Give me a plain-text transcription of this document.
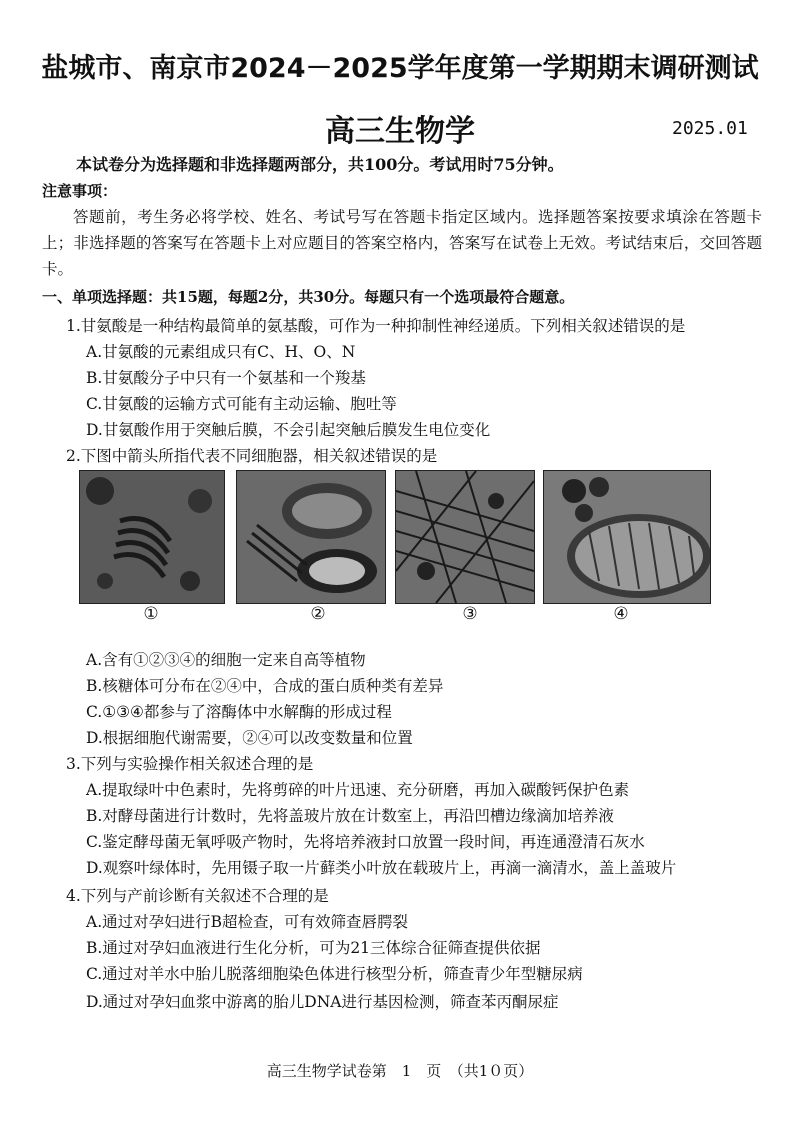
盐城市、南京市2024－2025学年度第一学期期末调研测试
高三生物学	2025.01
本试卷分为选择题和非选择题两部分，共100分。考试用时75分钟。
注意事项：
答题前，考生务必将学校、姓名、考试号写在答题卡指定区域内。选择题答案按要求填涂在答题卡上；非选择题的答案写在答题卡上对应题目的答案空格内，答案写在试卷上无效。考试结束后，交回答题卡。
一、单项选择题：共15题，每题2分，共30分。每题只有一个选项最符合题意。
1.甘氨酸是一种结构最简单的氨基酸，可作为一种抑制性神经递质。下列相关叙述错误的是
A.甘氨酸的元素组成只有C、H、O、N
B.甘氨酸分子中只有一个氨基和一个羧基
C.甘氨酸的运输方式可能有主动运输、胞吐等
D.甘氨酸作用于突触后膜，不会引起突触后膜发生电位变化
2.下图中箭头所指代表不同细胞器，相关叙述错误的是
①	②	③	④
A.含有①②③④的细胞一定来自高等植物
B.核糖体可分布在②④中，合成的蛋白质种类有差异
C.①③④都参与了溶酶体中水解酶的形成过程
D.根据细胞代谢需要，②④可以改变数量和位置
3.下列与实验操作相关叙述合理的是
A.提取绿叶中色素时，先将剪碎的叶片迅速、充分研磨，再加入碳酸钙保护色素
B.对酵母菌进行计数时，先将盖玻片放在计数室上，再沿凹槽边缘滴加培养液
C.鉴定酵母菌无氧呼吸产物时，先将培养液封口放置一段时间，再连通澄清石灰水
D.观察叶绿体时，先用镊子取一片藓类小叶放在载玻片上，再滴一滴清水，盖上盖玻片
4.下列与产前诊断有关叙述不合理的是
A.通过对孕妇进行B超检查，可有效筛查唇腭裂
B.通过对孕妇血液进行生化分析，可为21三体综合征筛查提供依据
C.通过对羊水中胎儿脱落细胞染色体进行核型分析，筛查青少年型糖尿病
D.通过对孕妇血浆中游离的胎儿DNA进行基因检测，筛查苯丙酮尿症
高三生物学试卷第　1　页　（共1０页）
